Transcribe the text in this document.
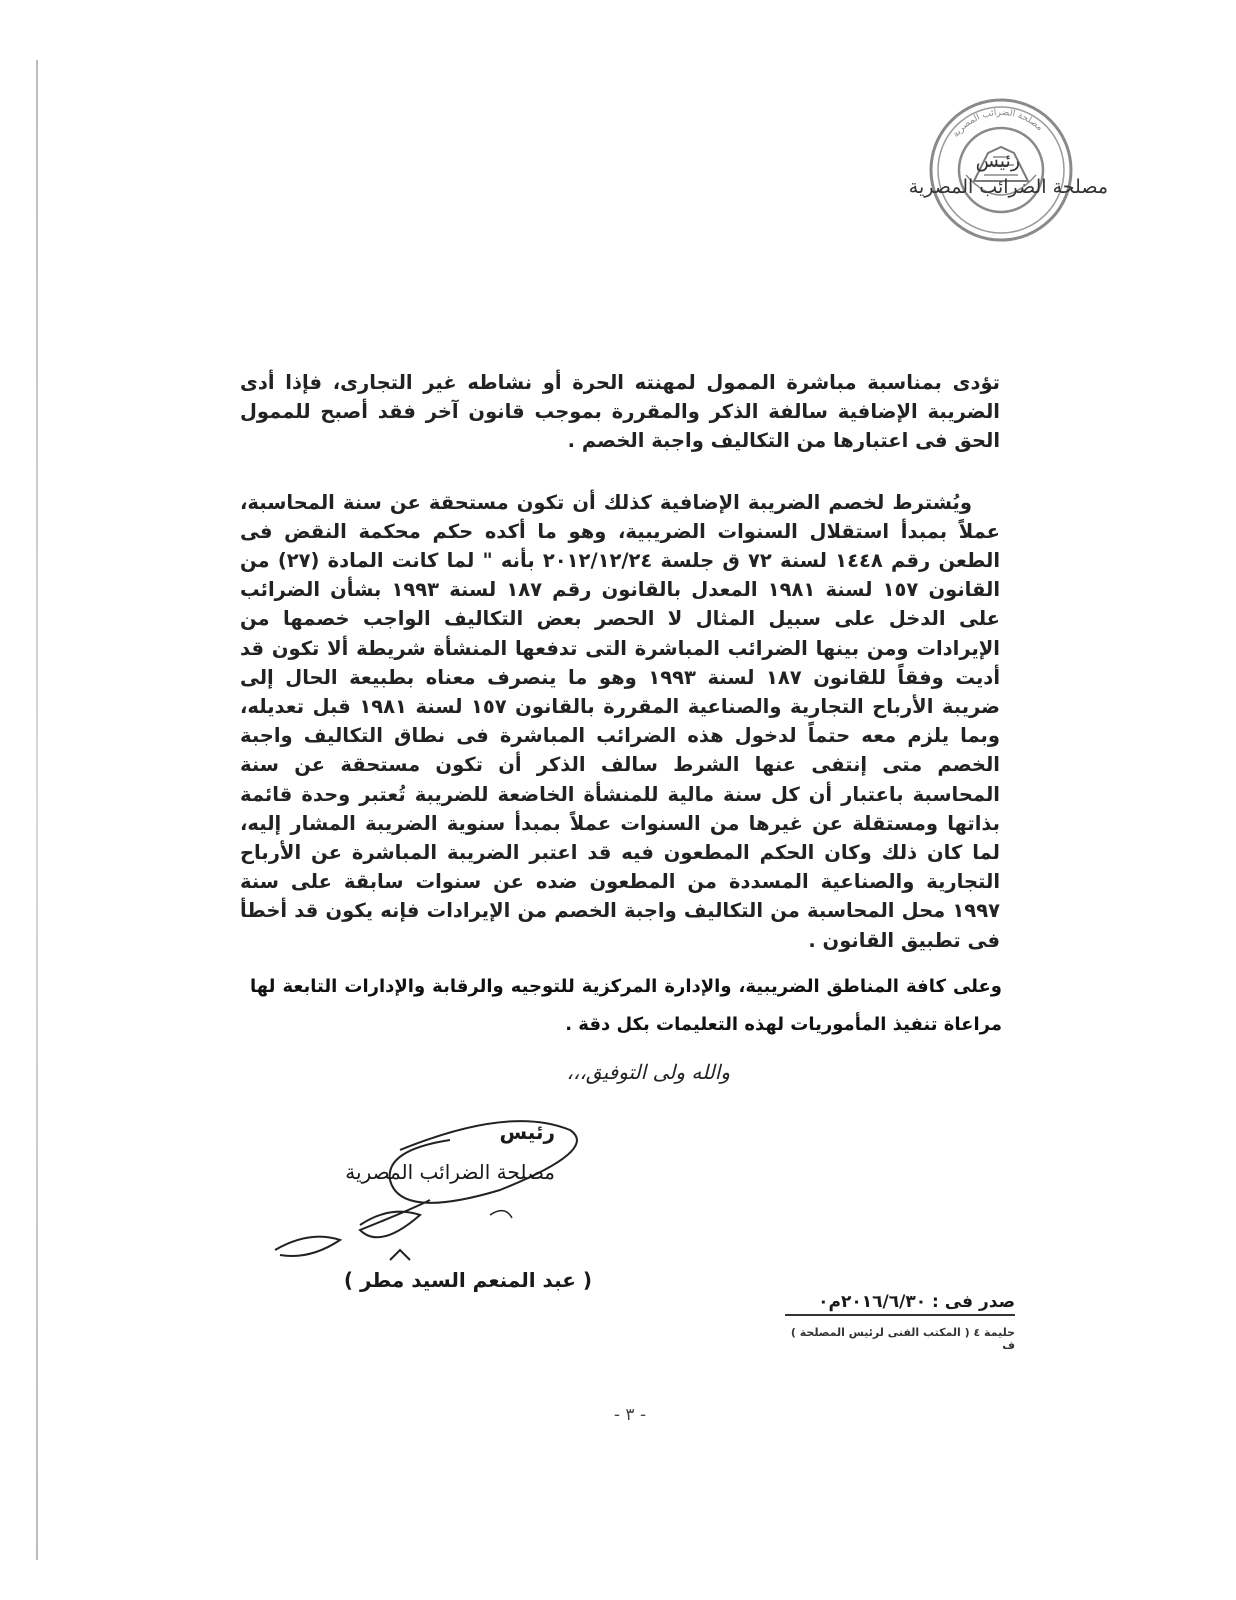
مصلحة الضرائب المصرية
رئيس
مصلحة الضرائب المصرية

تؤدى بمناسبة مباشرة الممول لمهنته الحرة أو نشاطه غير التجارى، فإذا أدى الضريبة الإضافية سالفة الذكر والمقررة بموجب قانون آخر فقد أصبح للممول الحق فى اعتبارها من التكاليف واجبة الخصم .

ويُشترط لخصم الضريبة الإضافية كذلك أن تكون مستحقة عن سنة المحاسبة، عملاً بمبدأ استقلال السنوات الضريبية، وهو ما أكده حكم محكمة النقض فى الطعن رقم ١٤٤٨ لسنة ٧٢ ق جلسة ٢٠١٢/١٢/٢٤ بأنه " لما كانت المادة (٢٧) من القانون ١٥٧ لسنة ١٩٨١ المعدل بالقانون رقم ١٨٧ لسنة ١٩٩٣ بشأن الضرائب على الدخل على سبيل المثال لا الحصر بعض التكاليف الواجب خصمها من الإيرادات ومن بينها الضرائب المباشرة التى تدفعها المنشأة شريطة ألا تكون قد أديت وفقاً للقانون ١٨٧ لسنة ١٩٩٣ وهو ما ينصرف معناه بطبيعة الحال إلى ضريبة الأرباح التجارية والصناعية المقررة بالقانون ١٥٧ لسنة ١٩٨١ قبل تعديله، وبما يلزم معه حتماً لدخول هذه الضرائب المباشرة فى نطاق التكاليف واجبة الخصم متى إنتفى عنها الشرط سالف الذكر أن تكون مستحقة عن سنة المحاسبة باعتبار أن كل سنة مالية للمنشأة الخاضعة للضريبة تُعتبر وحدة قائمة بذاتها ومستقلة عن غيرها من السنوات عملاً بمبدأ سنوية الضريبة المشار إليه، لما كان ذلك وكان الحكم المطعون فيه قد اعتبر الضريبة المباشرة عن الأرباح التجارية والصناعية المسددة من المطعون ضده عن سنوات سابقة على سنة ١٩٩٧ محل المحاسبة من التكاليف واجبة الخصم من الإيرادات فإنه يكون قد أخطأ فى تطبيق القانون .

وعلى كافة المناطق الضريبية، والإدارة المركزية للتوجيه والرقابة والإدارات التابعة لها مراعاة تنفيذ المأموريات لهذه التعليمات بكل دقة .
والله ولى التوفيق،،،
رئيس
مصلحة الضرائب المصرية
( عبد المنعم السيد مطر )
صدر فى : ٢٠١٦/٦/٣٠م٠
حليمة ٤ ( المكتب الفنى لرئيس المصلحة ) ف
- ٣ -
